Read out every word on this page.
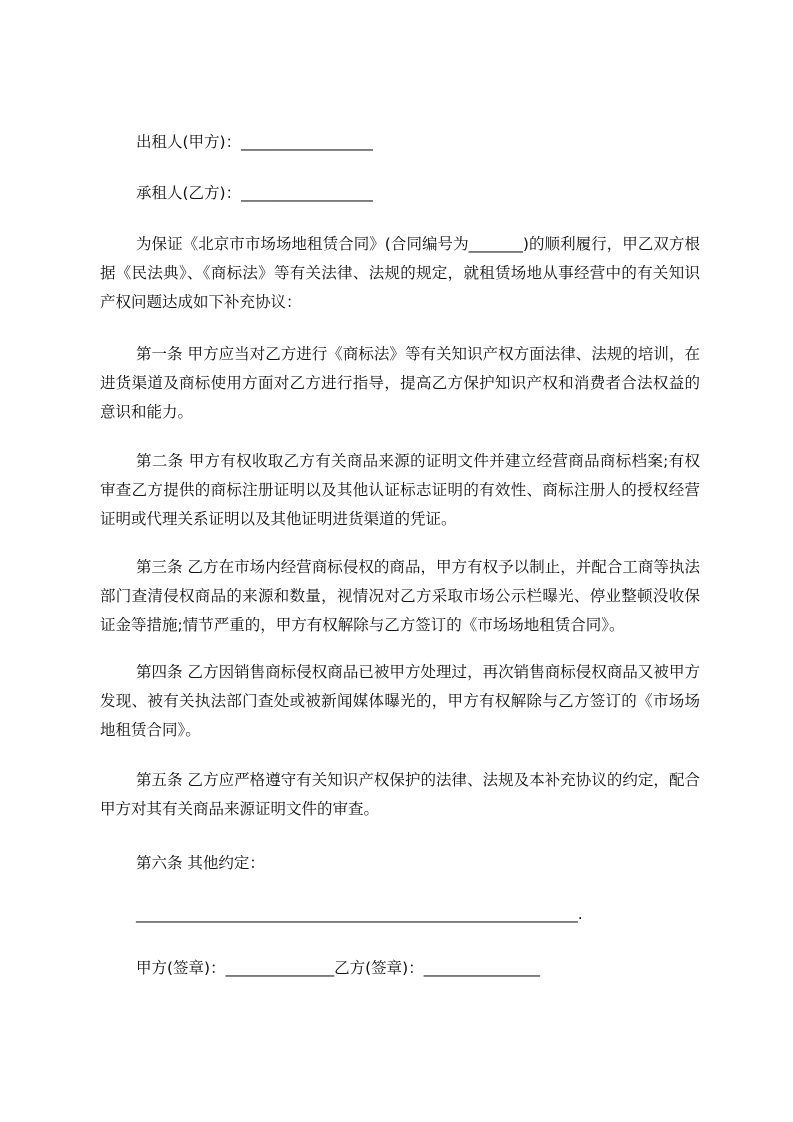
出租人(甲方)：_________________
承租人(乙方)：_________________
为保证《北京市市场场地租赁合同》(合同编号为_______)的顺利履行，甲乙双方根据《民法典》、《商标法》等有关法律、法规的规定，就租赁场地从事经营中的有关知识产权问题达成如下补充协议：
第一条 甲方应当对乙方进行《商标法》等有关知识产权方面法律、法规的培训，在进货渠道及商标使用方面对乙方进行指导，提高乙方保护知识产权和消费者合法权益的意识和能力。
第二条 甲方有权收取乙方有关商品来源的证明文件并建立经营商品商标档案;有权审查乙方提供的商标注册证明以及其他认证标志证明的有效性、商标注册人的授权经营证明或代理关系证明以及其他证明进货渠道的凭证。
第三条 乙方在市场内经营商标侵权的商品，甲方有权予以制止，并配合工商等执法部门查清侵权商品的来源和数量，视情况对乙方采取市场公示栏曝光、停业整顿没收保证金等措施;情节严重的，甲方有权解除与乙方签订的《市场场地租赁合同》。
第四条 乙方因销售商标侵权商品已被甲方处理过，再次销售商标侵权商品又被甲方发现、被有关执法部门查处或被新闻媒体曝光的，甲方有权解除与乙方签订的《市场场地租赁合同》。
第五条 乙方应严格遵守有关知识产权保护的法律、法规及本补充协议的约定，配合甲方对其有关商品来源证明文件的审查。
第六条 其他约定：
_________________________________________________________.
甲方(签章)：______________乙方(签章)：_______________
